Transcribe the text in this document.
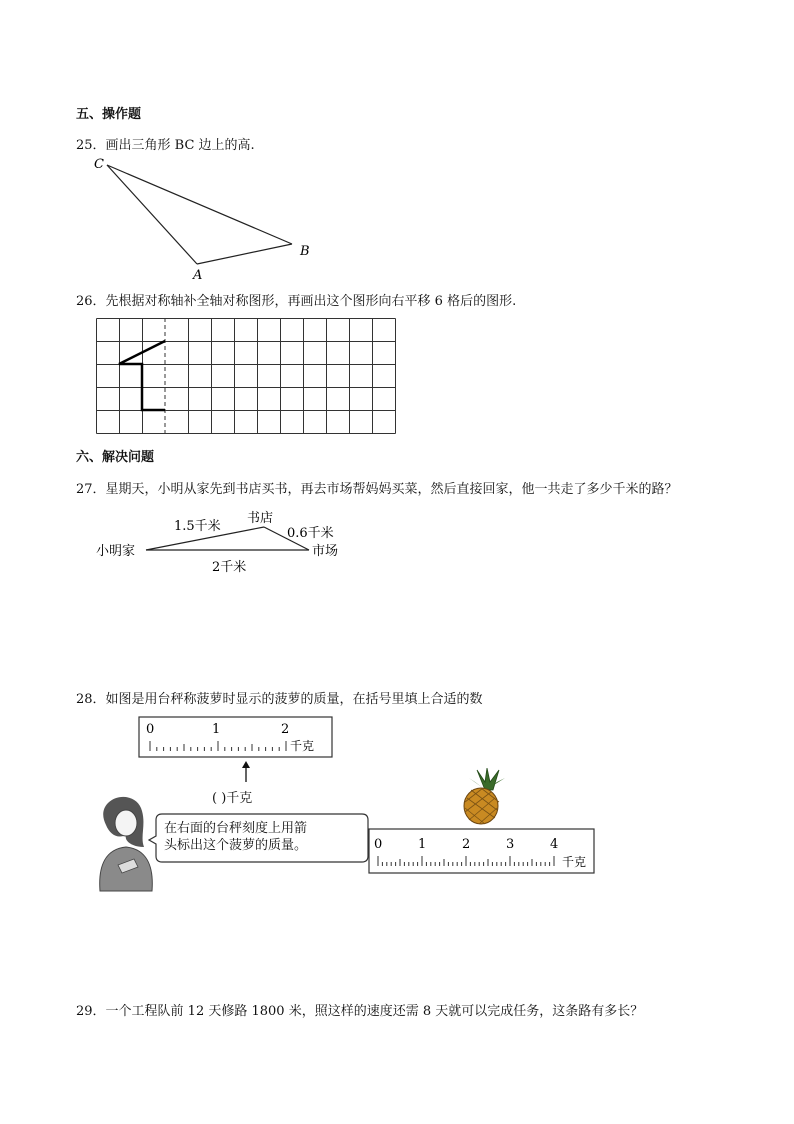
五、操作题
25．画出三角形 BC 边上的高.
C
A
B
26．先根据对称轴补全轴对称图形，再画出这个图形向右平移 6 格后的图形.
六、解决问题
27．星期天，小明从家先到书店买书，再去市场帮妈妈买菜，然后直接回家，他一共走了多少千米的路？
小明家
书店
市场
1.5千米	0.6千米
2千米
28．如图是用台秤称菠萝时显示的菠萝的质量，在括号里填上合适的数
0	1	2
千克
( )千克
在右面的台秤刻度上用箭
头标出这个菠萝的质量。	0	1	2	3	4
千克
29．一个工程队前 12 天修路 1800 米，照这样的速度还需 8 天就可以完成任务，这条路有多长？
